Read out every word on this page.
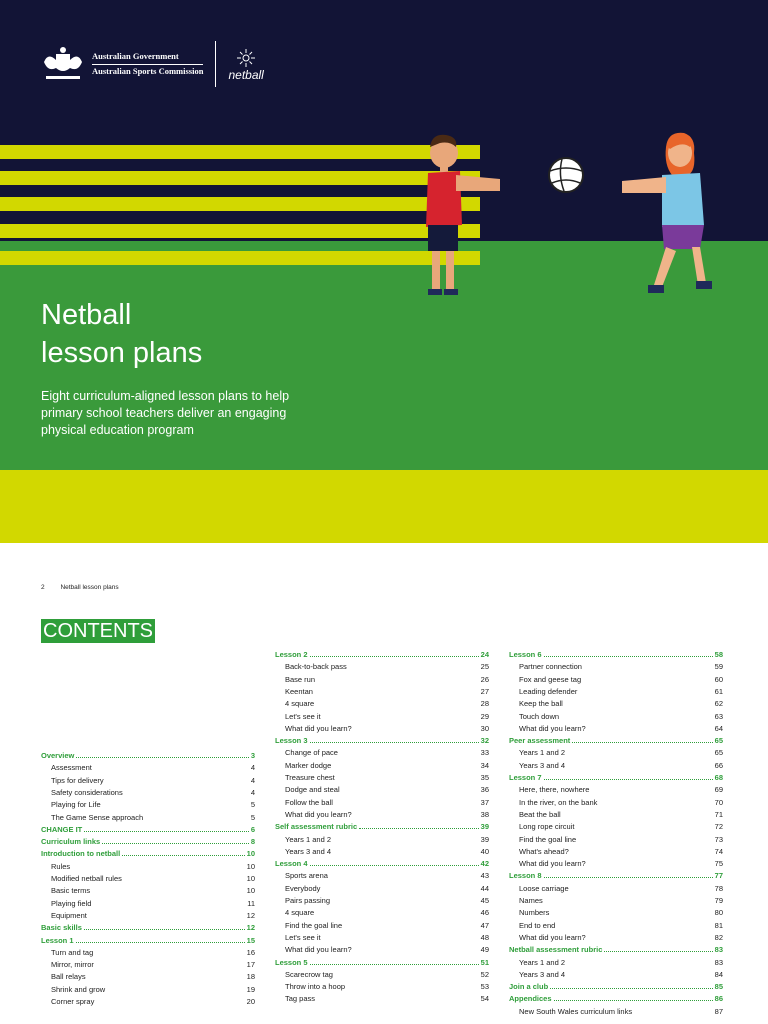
Australian Government
Australian Sports Commission netball
Netball
lesson plans
Eight curriculum-aligned lesson plans to help primary school teachers deliver an engaging physical education program
2 Netball lesson plans
CONTENTS
Overview	3
Assessment	4
Tips for delivery	4
Safety considerations	4
Playing for Life	5
The Game Sense approach	5
CHANGE IT	6
Curriculum links	8
Introduction to netball	10
Rules	10
Modified netball rules	10
Basic terms	10
Playing field	11
Equipment	12
Basic skills	12
Lesson 1	15
Turn and tag	16
Mirror, mirror	17
Ball relays	18
Shrink and grow	19
Corner spray	20
Lesson 2	24
Back-to-back pass	25
Base run	26
Keentan	27
4 square	28
Let's see it	29
What did you learn?	30
Lesson 3	32
Change of pace	33
Marker dodge	34
Treasure chest	35
Dodge and steal	36
Follow the ball	37
What did you learn?	38
Self assessment rubric	39
Years 1 and 2	39
Years 3 and 4	40
Lesson 4	42
Sports arena	43
Everybody	44
Pairs passing	45
4 square	46
Find the goal line	47
Let's see it	48
What did you learn?	49
Lesson 5	51
Scarecrow tag	52
Throw into a hoop	53
Tag pass	54
Lesson 6	58
Partner connection	59
Fox and geese tag	60
Leading defender	61
Keep the ball	62
Touch down	63
What did you learn?	64
Peer assessment	65
Years 1 and 2	65
Years 3 and 4	66
Lesson 7	68
Here, there, nowhere	69
In the river, on the bank	70
Beat the ball	71
Long rope circuit	72
Find the goal line	73
What's ahead?	74
What did you learn?	75
Lesson 8	77
Loose carriage	78
Names	79
Numbers	80
End to end	81
What did you learn?	82
Netball assessment rubric	83
Years 1 and 2	83
Years 3 and 4	84
Join a club	85
Appendices	86
New South Wales curriculum links	87
